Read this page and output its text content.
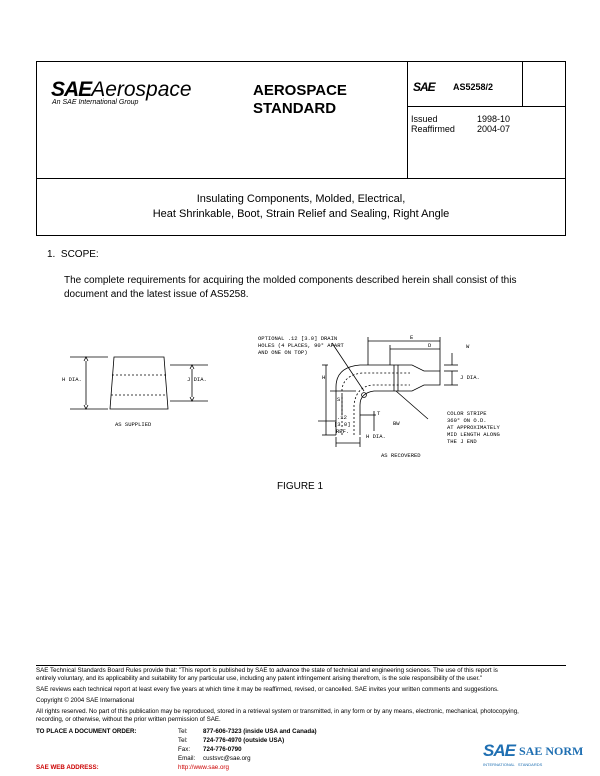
SAEAerospace
An SAE International Group
AEROSPACE
STANDARD
SAE AS5258/2
Issued	1998-10
Reaffirmed 2004-07
Insulating Components, Molded, Electrical,
Heat Shrinkable, Boot, Strain Relief and Sealing, Right Angle
1.  SCOPE:
The complete requirements for acquiring the molded components described herein shall consist of this
document and the latest issue of AS5258.
H DIA.	J DIA.
AS SUPPLIED
OPTIONAL .12 [3.0] DRAIN
HOLES (4 PLACES, 90° APART
AND ONE ON TOP)
E
D	W
H	J DIA.
S
T
BW
.12
[3.0]
REF.
H DIA.
COLOR STRIPE
360° ON O.D.
AT APPROXIMATELY
MID LENGTH ALONG
THE J END
AS RECOVERED
FIGURE 1
SAE Technical Standards Board Rules provide that: "This report is published by SAE to advance the state of technical and engineering sciences. The use of this report is
entirely voluntary, and its applicability and suitability for any particular use, including any patent infringement arising therefrom, is the sole responsibility of the user."
SAE reviews each technical report at least every five years at which time it may be reaffirmed, revised, or cancelled. SAE invites your written comments and suggestions.
Copyright © 2004 SAE International
All rights reserved. No part of this publication may be reproduced, stored in a retrieval system or transmitted, in any form or by any means, electronic, mechanical, photocopying,
recording, or otherwise, without the prior written permission of SAE.
TO PLACE A DOCUMENT ORDER:	Tel: 877-606-7323 (inside USA and Canada)
Tel: 724-776-4970 (outside USA)
Fax: 724-776-0790
Email: custsvc@sae.org
SAE WEB ADDRESS:	http://www.sae.org
SAE SAE NORM
INTERNATIONAL   STANDARDS
